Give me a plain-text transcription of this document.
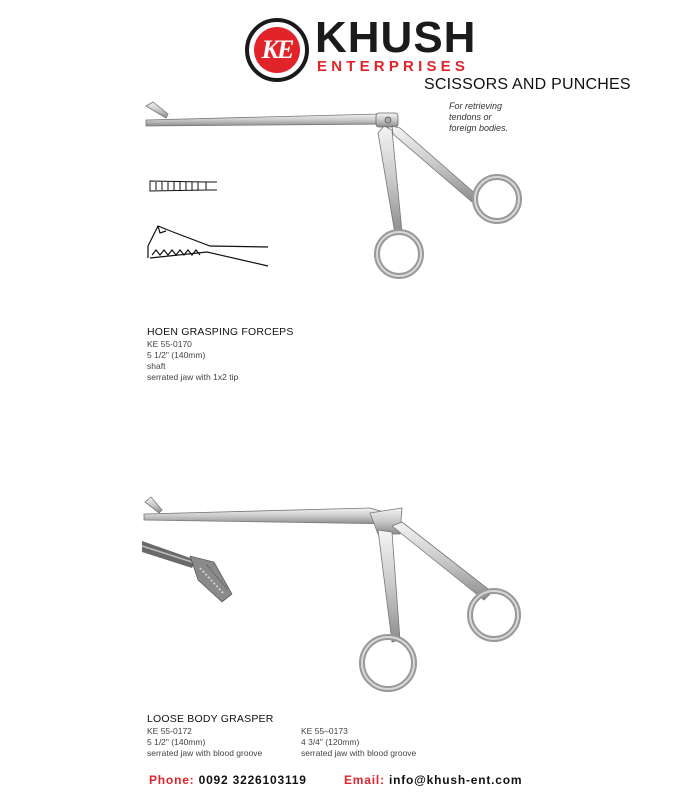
KE KHUSH
ENTERPRISES
SCISSORS AND PUNCHES
For retrieving
tendons or
foreign bodies.
HOEN GRASPING FORCEPS
KE 55-0170
5 1/2" (140mm)
shaft
serrated jaw with 1x2 tip
LOOSE BODY GRASPER
KE 55-0172
5 1/2" (140mm)
serrated jaw with blood groove
KE 55–0173
4 3/4" (120mm)
serrated jaw with blood groove
Phone: 0092 3226103119	Email: info@khush-ent.com
